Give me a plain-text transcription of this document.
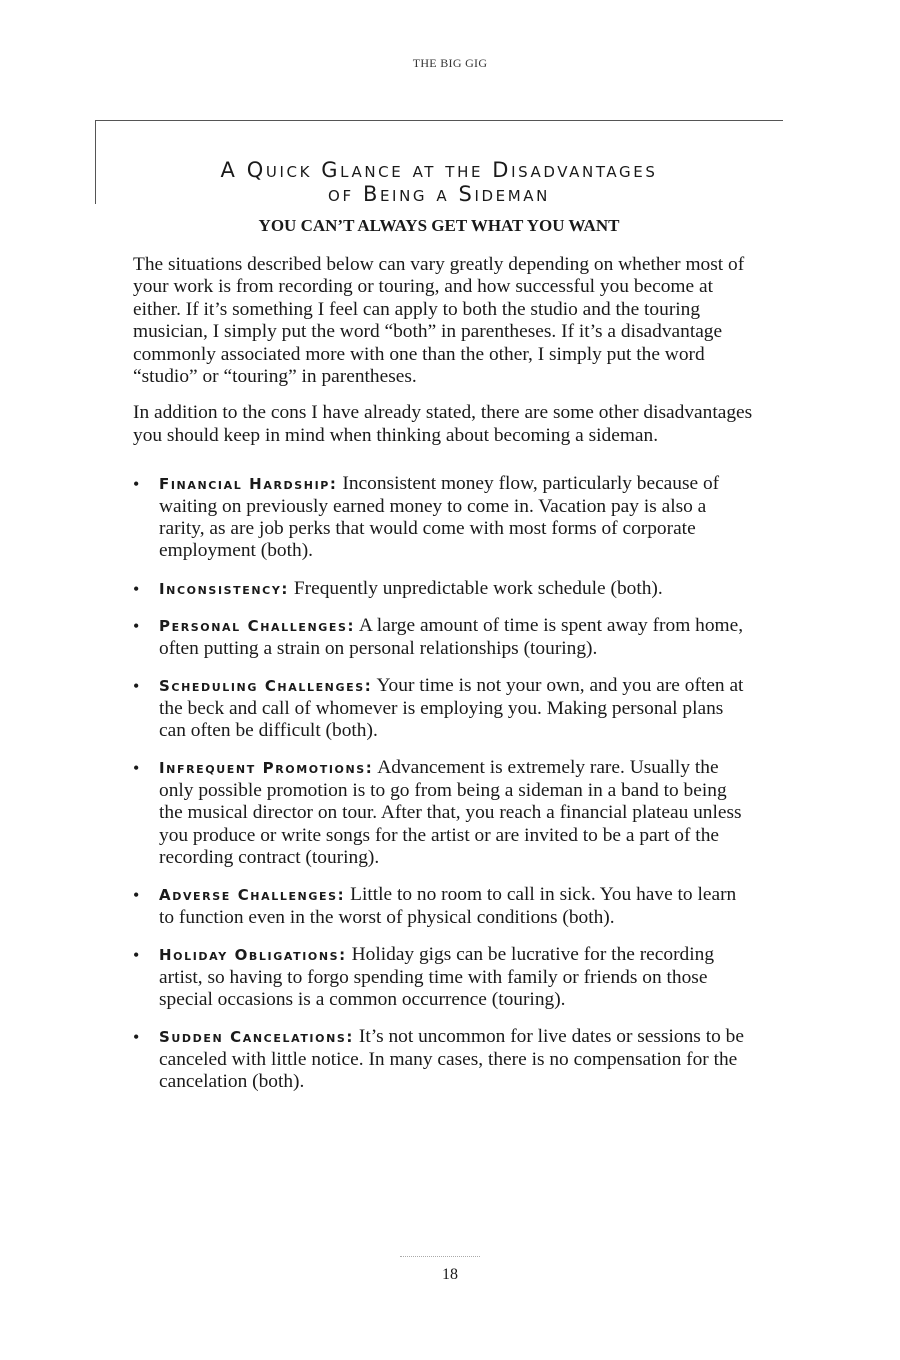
THE BIG GIG
A Quick Glance at the Disadvantages
of Being a Sideman
YOU CAN’T ALWAYS GET WHAT YOU WANT

The situations described below can vary greatly depending on whether most of your work is from recording or touring, and how successful you become at either. If it’s something I feel can apply to both the studio and the touring musician, I simply put the word “both” in parentheses. If it’s a disadvantage commonly associated more with one than the other, I simply put the word “studio” or “touring” in parentheses.

In addition to the cons I have already stated, there are some other disadvantages you should keep in mind when thinking about becoming a sideman.

• Financial Hardship: Inconsistent money flow, particularly because of waiting on previously earned money to come in. Vacation pay is also a rarity, as are job perks that would come with most forms of corporate employment (both).
• Inconsistency: Frequently unpredictable work schedule (both).
• Personal Challenges: A large amount of time is spent away from home, often putting a strain on personal relationships (touring).
• Scheduling Challenges: Your time is not your own, and you are often at the beck and call of whomever is employing you. Making personal plans can often be difficult (both).
• Infrequent Promotions: Advancement is extremely rare. Usually the only possible promotion is to go from being a sideman in a band to being the musical director on tour. After that, you reach a financial plateau unless you produce or write songs for the artist or are invited to be a part of the recording contract (touring).
• Adverse Challenges: Little to no room to call in sick. You have to learn to function even in the worst of physical conditions (both).
• Holiday Obligations: Holiday gigs can be lucrative for the recording artist, so having to forgo spending time with family or friends on those special occasions is a common occurrence (touring).
• Sudden Cancelations: It’s not uncommon for live dates or sessions to be canceled with little notice. In many cases, there is no compensation for the cancelation (both).
18
